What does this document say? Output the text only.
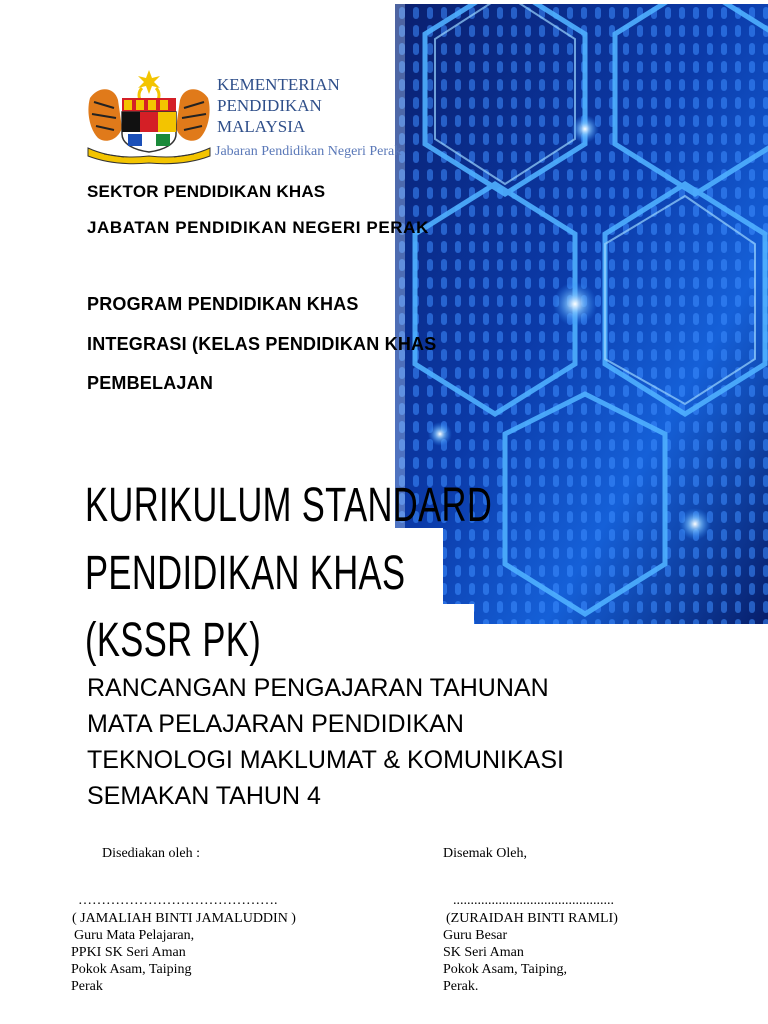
KEMENTERIAN
PENDIDIKAN
MALAYSIA
Jabaran Pendidikan Negeri Perak
SEKTOR PENDIDIKAN KHAS
JABATAN PENDIDIKAN NEGERI PERAK
PROGRAM PENDIDIKAN KHAS
INTEGRASI (KELAS PENDIDIKAN KHAS
PEMBELAJAN
KURIKULUM STANDARD
PENDIDIKAN KHAS
(KSSR PK)
RANCANGAN PENGAJARAN TAHUNAN
MATA PELAJARAN PENDIDIKAN
TEKNOLOGI MAKLUMAT & KOMUNIKASI
SEMAKAN TAHUN 4
Disediakan oleh :
…………………………………….
( JAMALIAH BINTI JAMALUDDIN )
Guru Mata Pelajaran,
PPKI SK Seri Aman
Pokok Asam, Taiping
Perak
Disemak Oleh,
..............................................
(ZURAIDAH BINTI RAMLI)
Guru Besar
SK Seri Aman
Pokok Asam, Taiping,
Perak.
